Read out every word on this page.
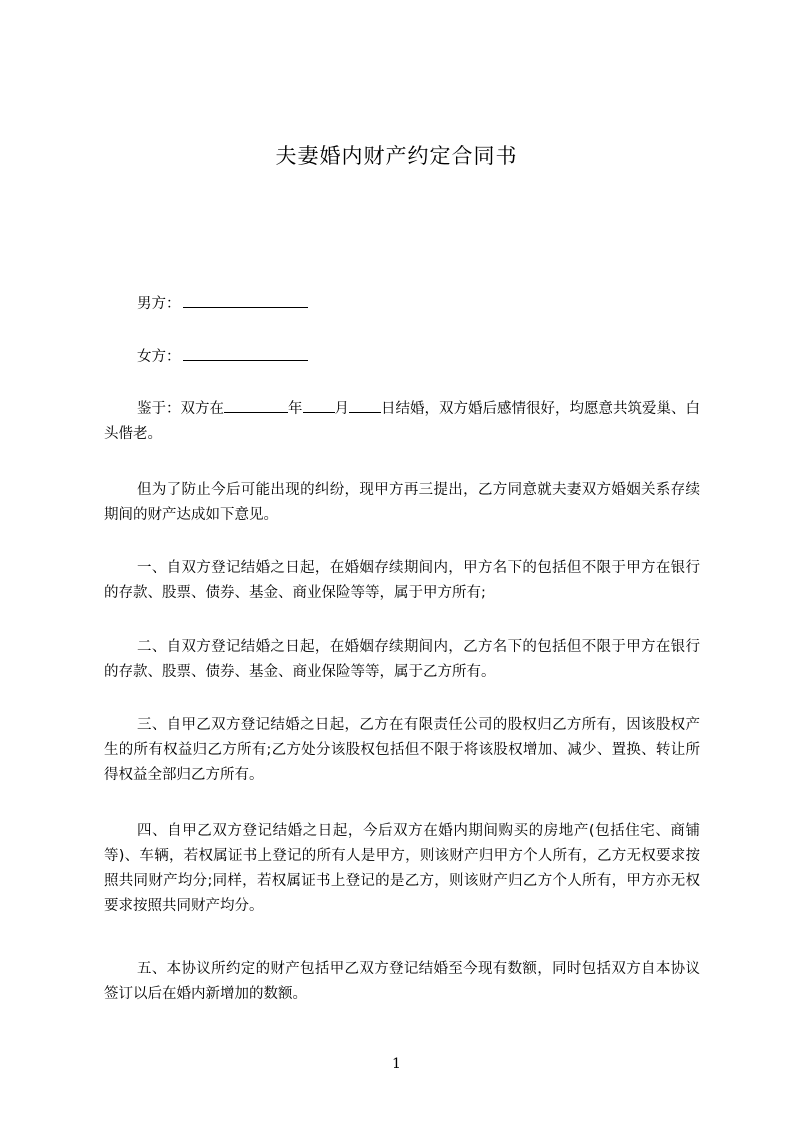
夫妻婚内财产约定合同书
男方：
女方：
鉴于：双方在	年 月 日结婚，双方婚后感情很好，均愿意共筑爱巢、白头偕老。
但为了防止今后可能出现的纠纷，现甲方再三提出，乙方同意就夫妻双方婚姻关系存续期间的财产达成如下意见。
一、自双方登记结婚之日起，在婚姻存续期间内，甲方名下的包括但不限于甲方在银行的存款、股票、债券、基金、商业保险等等，属于甲方所有;
二、自双方登记结婚之日起，在婚姻存续期间内，乙方名下的包括但不限于甲方在银行的存款、股票、债券、基金、商业保险等等，属于乙方所有。
三、自甲乙双方登记结婚之日起，乙方在有限责任公司的股权归乙方所有，因该股权产生的所有权益归乙方所有;乙方处分该股权包括但不限于将该股权增加、减少、置换、转让所得权益全部归乙方所有。
四、自甲乙双方登记结婚之日起，今后双方在婚内期间购买的房地产(包括住宅、商铺等)、车辆，若权属证书上登记的所有人是甲方，则该财产归甲方个人所有，乙方无权要求按照共同财产均分;同样，若权属证书上登记的是乙方，则该财产归乙方个人所有，甲方亦无权要求按照共同财产均分。
五、本协议所约定的财产包括甲乙双方登记结婚至今现有数额，同时包括双方自本协议签订以后在婚内新增加的数额。
1
